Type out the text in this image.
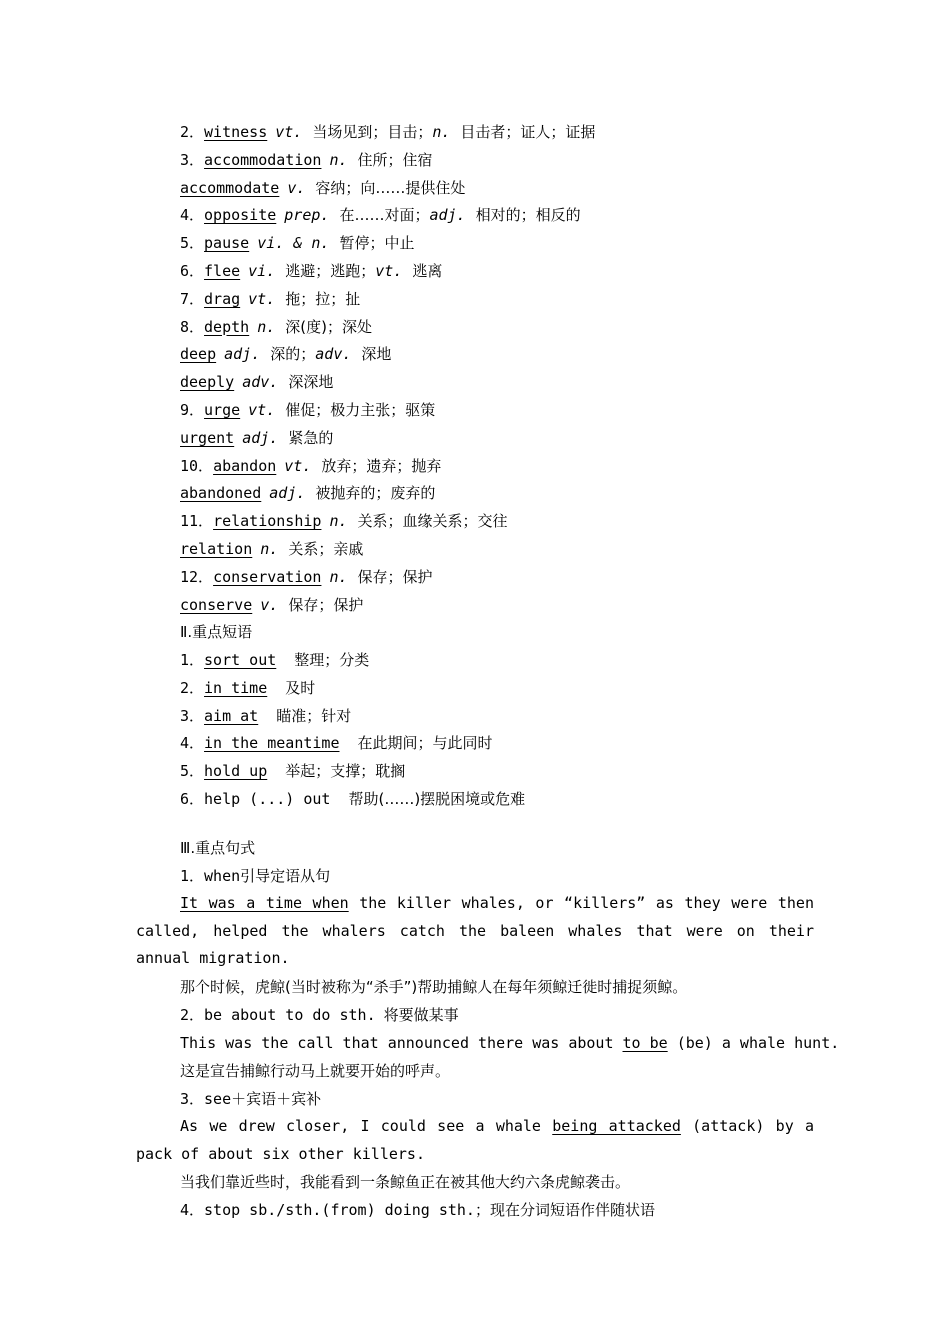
2．witness vt. 当场见到；目击；n. 目击者；证人；证据
3．accommodation n. 住所；住宿
accommodate v. 容纳；向……提供住处
4．opposite prep. 在……对面；adj. 相对的；相反的
5．pause vi. & n. 暂停；中止
6．flee vi. 逃避；逃跑；vt. 逃离
7．drag vt. 拖；拉；扯
8．depth n. 深(度)；深处
deep adj. 深的；adv. 深地
deeply adv. 深深地
9．urge vt. 催促；极力主张；驱策
urgent adj. 紧急的
10．abandon vt. 放弃；遗弃；抛弃
abandoned adj. 被抛弃的；废弃的
11．relationship n. 关系；血缘关系；交往
relation n. 关系；亲戚
12．conservation n. 保存；保护
conserve v. 保存；保护
Ⅱ.重点短语
1．sort out 整理；分类
2．in time 及时
3．aim at 瞄准；针对
4．in the meantime 在此期间；与此同时
5．hold up 举起；支撑；耽搁
6．help (...) out 帮助(……)摆脱困境或危难
Ⅲ.重点句式
1．when引导定语从句
It was a time when the killer whales, or “killers” as they were then called, helped the whalers catch the baleen whales that were on their annual migration.
那个时候，虎鲸(当时被称为“杀手”)帮助捕鲸人在每年须鲸迁徙时捕捉须鲸。
2．be about to do sth. 将要做某事
This was the call that announced there was about to be (be) a whale hunt.
这是宣告捕鲸行动马上就要开始的呼声。
3．see＋宾语＋宾补
As we drew closer, I could see a whale being attacked (attack) by a pack of about six other killers.
当我们靠近些时，我能看到一条鲸鱼正在被其他大约六条虎鲸袭击。
4．stop sb./sth.(from) doing sth.；现在分词短语作伴随状语
